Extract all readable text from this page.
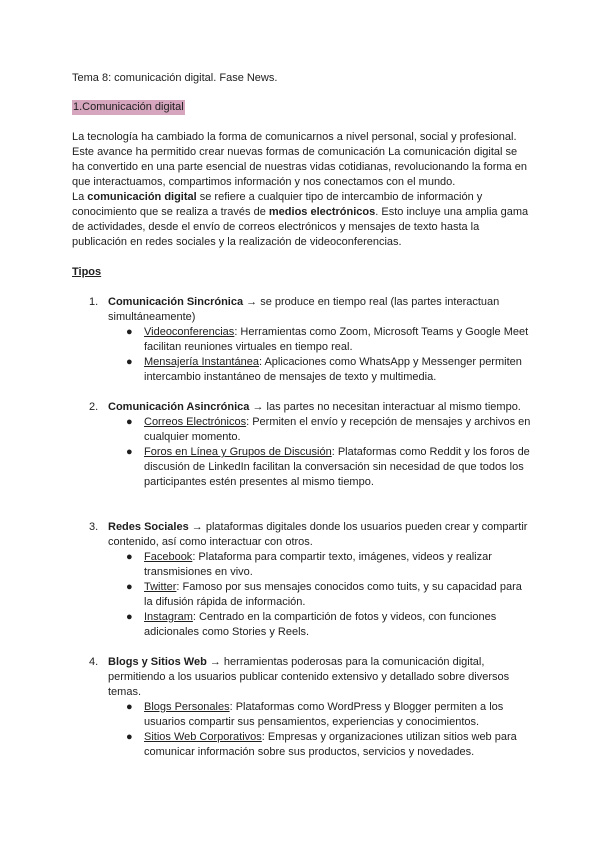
Tema 8: comunicación digital. Fase News.
1.Comunicación digital

La tecnología ha cambiado la forma de comunicarnos a nivel personal, social y profesional. Este avance ha permitido crear nuevas formas de comunicación La comunicación digital se ha convertido en una parte esencial de nuestras vidas cotidianas, revolucionando la forma en que interactuamos, compartimos información y nos conectamos con el mundo.

La comunicación digital se refiere a cualquier tipo de intercambio de información y conocimiento que se realiza a través de medios electrónicos. Esto incluye una amplia gama de actividades, desde el envío de correos electrónicos y mensajes de texto hasta la publicación en redes sociales y la realización de videoconferencias.

Tipos
1. Comunicación Sincrónica → se produce en tiempo real (las partes interactuan simultáneamente)
● Videoconferencias: Herramientas como Zoom, Microsoft Teams y Google Meet facilitan reuniones virtuales en tiempo real.
● Mensajería Instantánea: Aplicaciones como WhatsApp y Messenger permiten intercambio instantáneo de mensajes de texto y multimedia.
2. Comunicación Asincrónica → las partes no necesitan interactuar al mismo tiempo.
● Correos Electrónicos: Permiten el envío y recepción de mensajes y archivos en cualquier momento.
● Foros en Línea y Grupos de Discusión: Plataformas como Reddit y los foros de discusión de LinkedIn facilitan la conversación sin necesidad de que todos los participantes estén presentes al mismo tiempo.
3. Redes Sociales → plataformas digitales donde los usuarios pueden crear y compartir contenido, así como interactuar con otros.
● Facebook: Plataforma para compartir texto, imágenes, videos y realizar transmisiones en vivo.
● Twitter: Famoso por sus mensajes conocidos como tuits, y su capacidad para la difusión rápida de información.
● Instagram: Centrado en la compartición de fotos y videos, con funciones adicionales como Stories y Reels.
4. Blogs y Sitios Web → herramientas poderosas para la comunicación digital, permitiendo a los usuarios publicar contenido extensivo y detallado sobre diversos temas.
● Blogs Personales: Plataformas como WordPress y Blogger permiten a los usuarios compartir sus pensamientos, experiencias y conocimientos.
● Sitios Web Corporativos: Empresas y organizaciones utilizan sitios web para comunicar información sobre sus productos, servicios y novedades.
